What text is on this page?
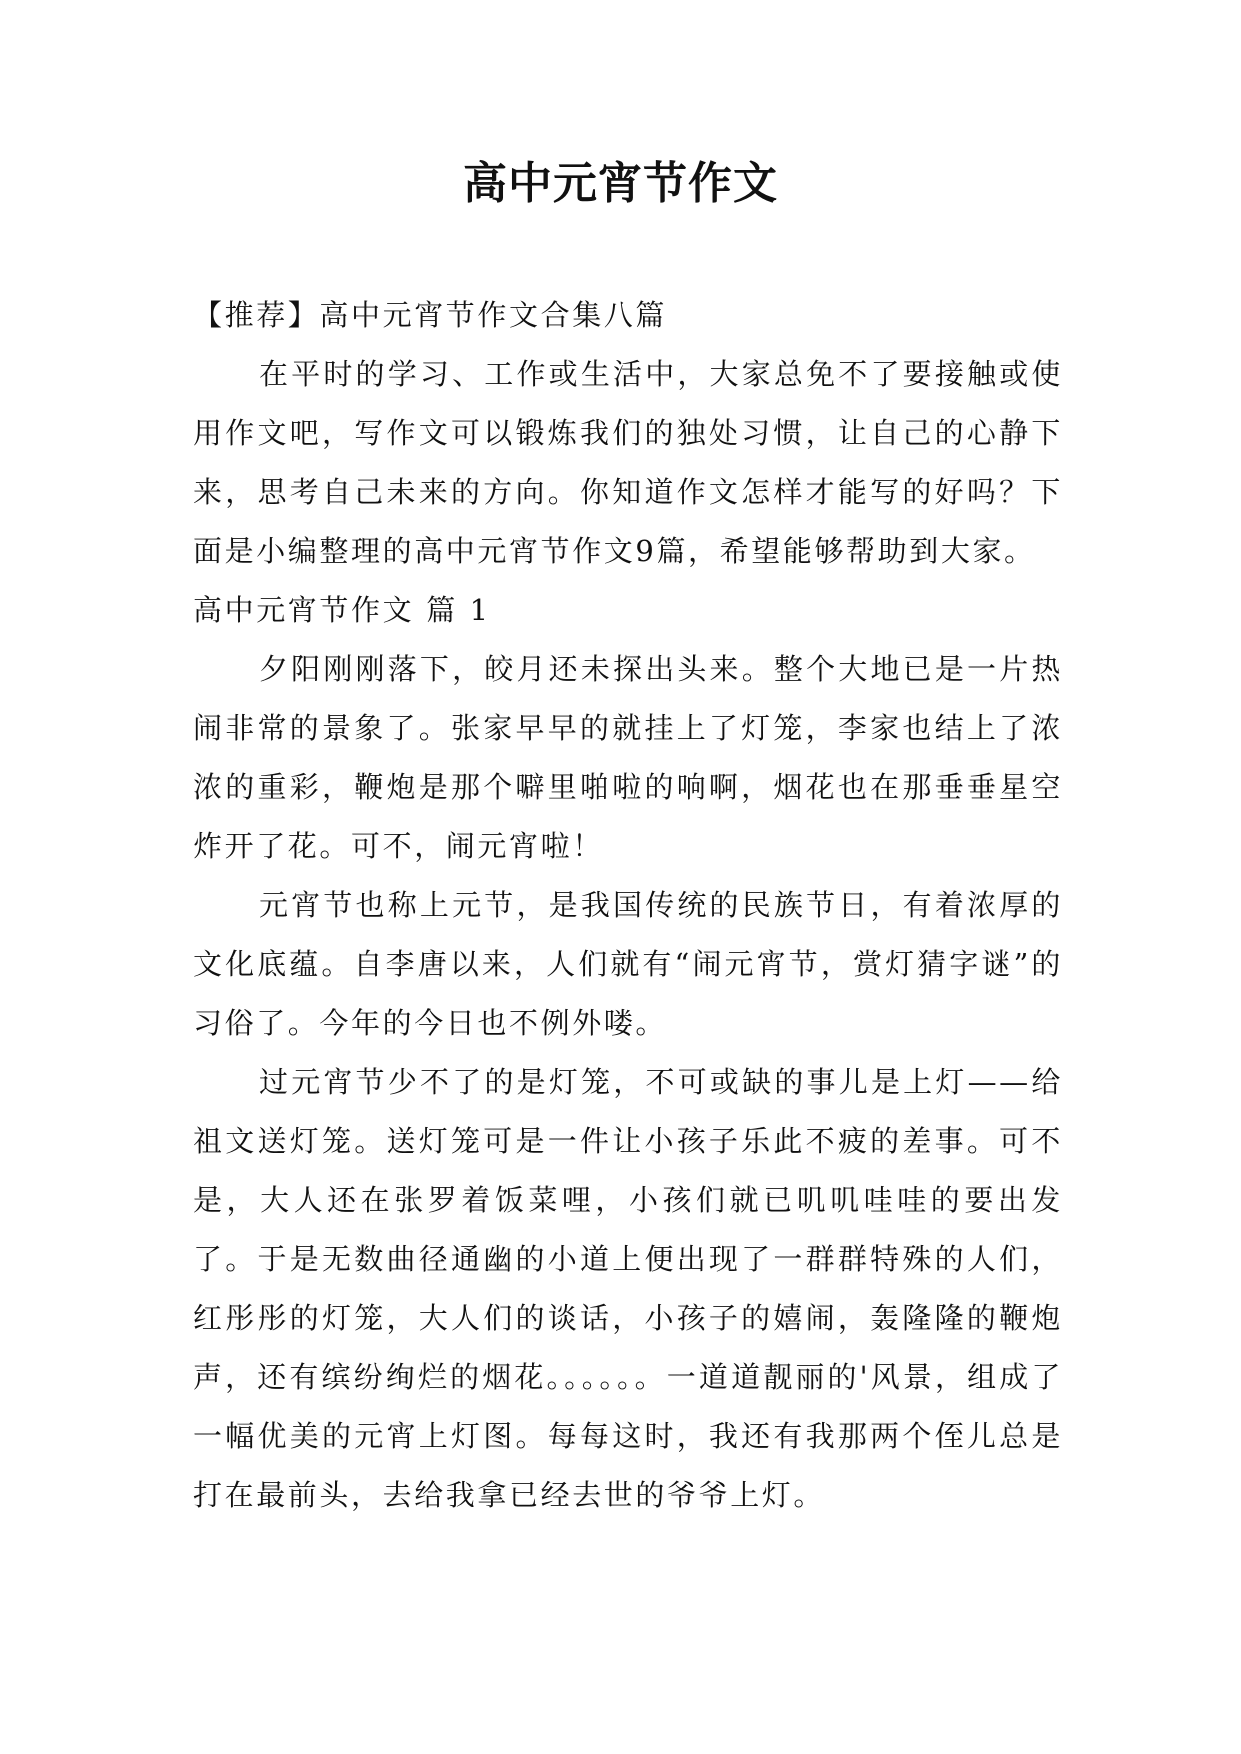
高中元宵节作文

【推荐】高中元宵节作文合集八篇

在平时的学习、工作或生活中，大家总免不了要接触或使用作文吧，写作文可以锻炼我们的独处习惯，让自己的心静下来，思考自己未来的方向。你知道作文怎样才能写的好吗？下面是小编整理的高中元宵节作文9篇，希望能够帮助到大家。

高中元宵节作文 篇 1

夕阳刚刚落下，皎月还未探出头来。整个大地已是一片热闹非常的景象了。张家早早的就挂上了灯笼，李家也结上了浓浓的重彩，鞭炮是那个噼里啪啦的响啊，烟花也在那垂垂星空炸开了花。可不，闹元宵啦！

元宵节也称上元节，是我国传统的民族节日，有着浓厚的文化底蕴。自李唐以来，人们就有“闹元宵节，赏灯猜字谜”的习俗了。今年的今日也不例外喽。

过元宵节少不了的是灯笼，不可或缺的事儿是上灯——给祖文送灯笼。送灯笼可是一件让小孩子乐此不疲的差事。可不是，大人还在张罗着饭菜哩，小孩们就已叽叽哇哇的要出发了。于是无数曲径通幽的小道上便出现了一群群特殊的人们，红彤彤的灯笼，大人们的谈话，小孩子的嬉闹，轰隆隆的鞭炮声，还有缤纷绚烂的烟花。。。。。。一道道靓丽的'风景，组成了一幅优美的元宵上灯图。每每这时，我还有我那两个侄儿总是打在最前头，去给我拿已经去世的爷爷上灯。
